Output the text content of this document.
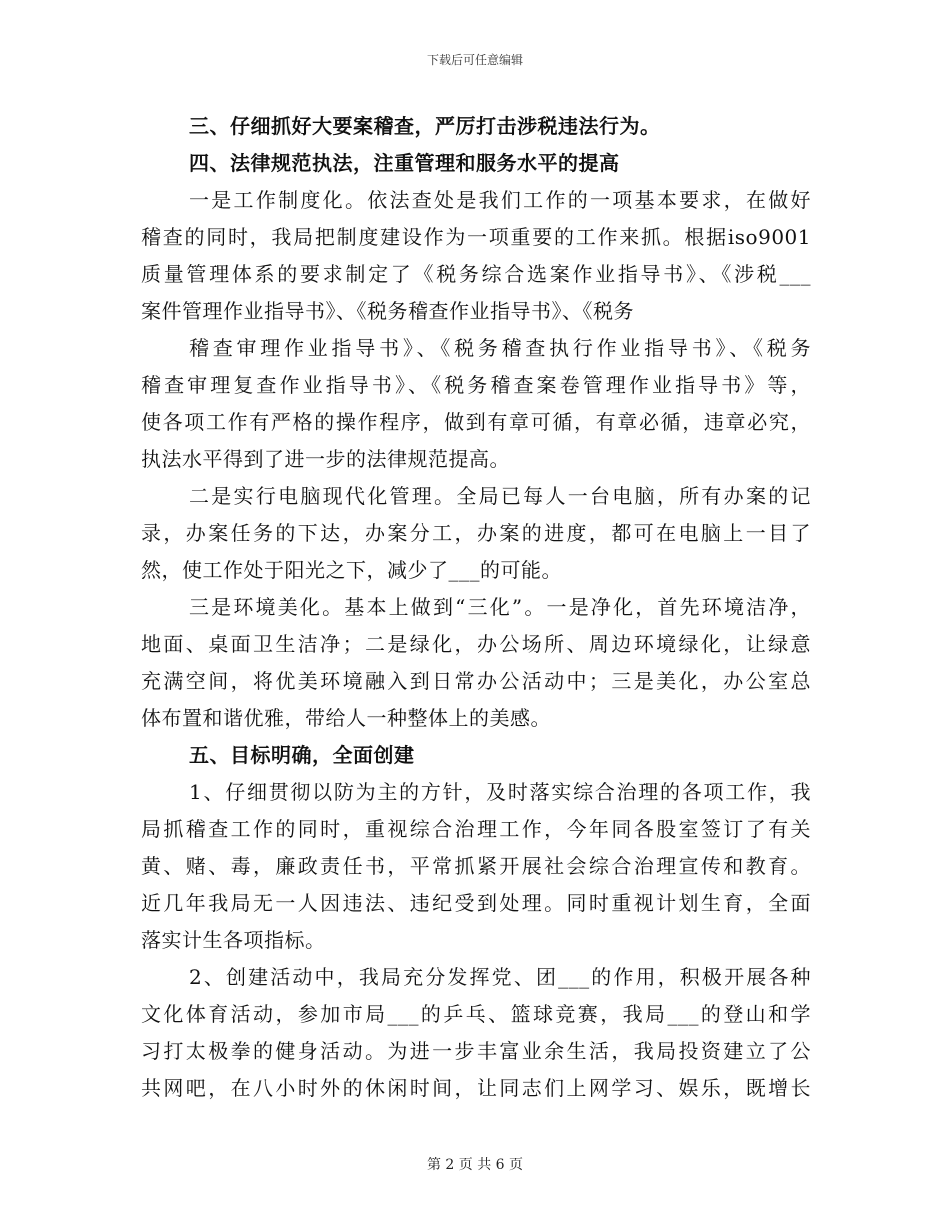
下载后可任意编辑
三、仔细抓好大要案稽查，严厉打击涉税违法行为。
四、法律规范执法，注重管理和服务水平的提高
一是工作制度化。依法查处是我们工作的一项基本要求，在做好
稽查的同时，我局把制度建设作为一项重要的工作来抓。根据iso9001
质量管理体系的要求制定了《税务综合选案作业指导书》、《涉税___
案件管理作业指导书》、《税务稽查作业指导书》、《税务
稽查审理作业指导书》、《税务稽查执行作业指导书》、《税务
稽查审理复查作业指导书》、《税务稽查案卷管理作业指导书》等，
使各项工作有严格的操作程序，做到有章可循，有章必循，违章必究，
执法水平得到了进一步的法律规范提高。
二是实行电脑现代化管理。全局已每人一台电脑，所有办案的记
录，办案任务的下达，办案分工，办案的进度，都可在电脑上一目了
然，使工作处于阳光之下，减少了___的可能。
三是环境美化。基本上做到“三化”。一是净化，首先环境洁净，
地面、桌面卫生洁净；二是绿化，办公场所、周边环境绿化，让绿意
充满空间，将优美环境融入到日常办公活动中；三是美化，办公室总
体布置和谐优雅，带给人一种整体上的美感。
五、目标明确，全面创建
1、仔细贯彻以防为主的方针，及时落实综合治理的各项工作，我
局抓稽查工作的同时，重视综合治理工作，今年同各股室签订了有关
黄、赌、毒，廉政责任书，平常抓紧开展社会综合治理宣传和教育。
近几年我局无一人因违法、违纪受到处理。同时重视计划生育，全面
落实计生各项指标。
2、创建活动中，我局充分发挥党、团___的作用，积极开展各种
文化体育活动，参加市局___的乒乓、篮球竞赛，我局___的登山和学
习打太极拳的健身活动。为进一步丰富业余生活，我局投资建立了公
共网吧，在八小时外的休闲时间，让同志们上网学习、娱乐，既增长
第 2 页 共 6 页
